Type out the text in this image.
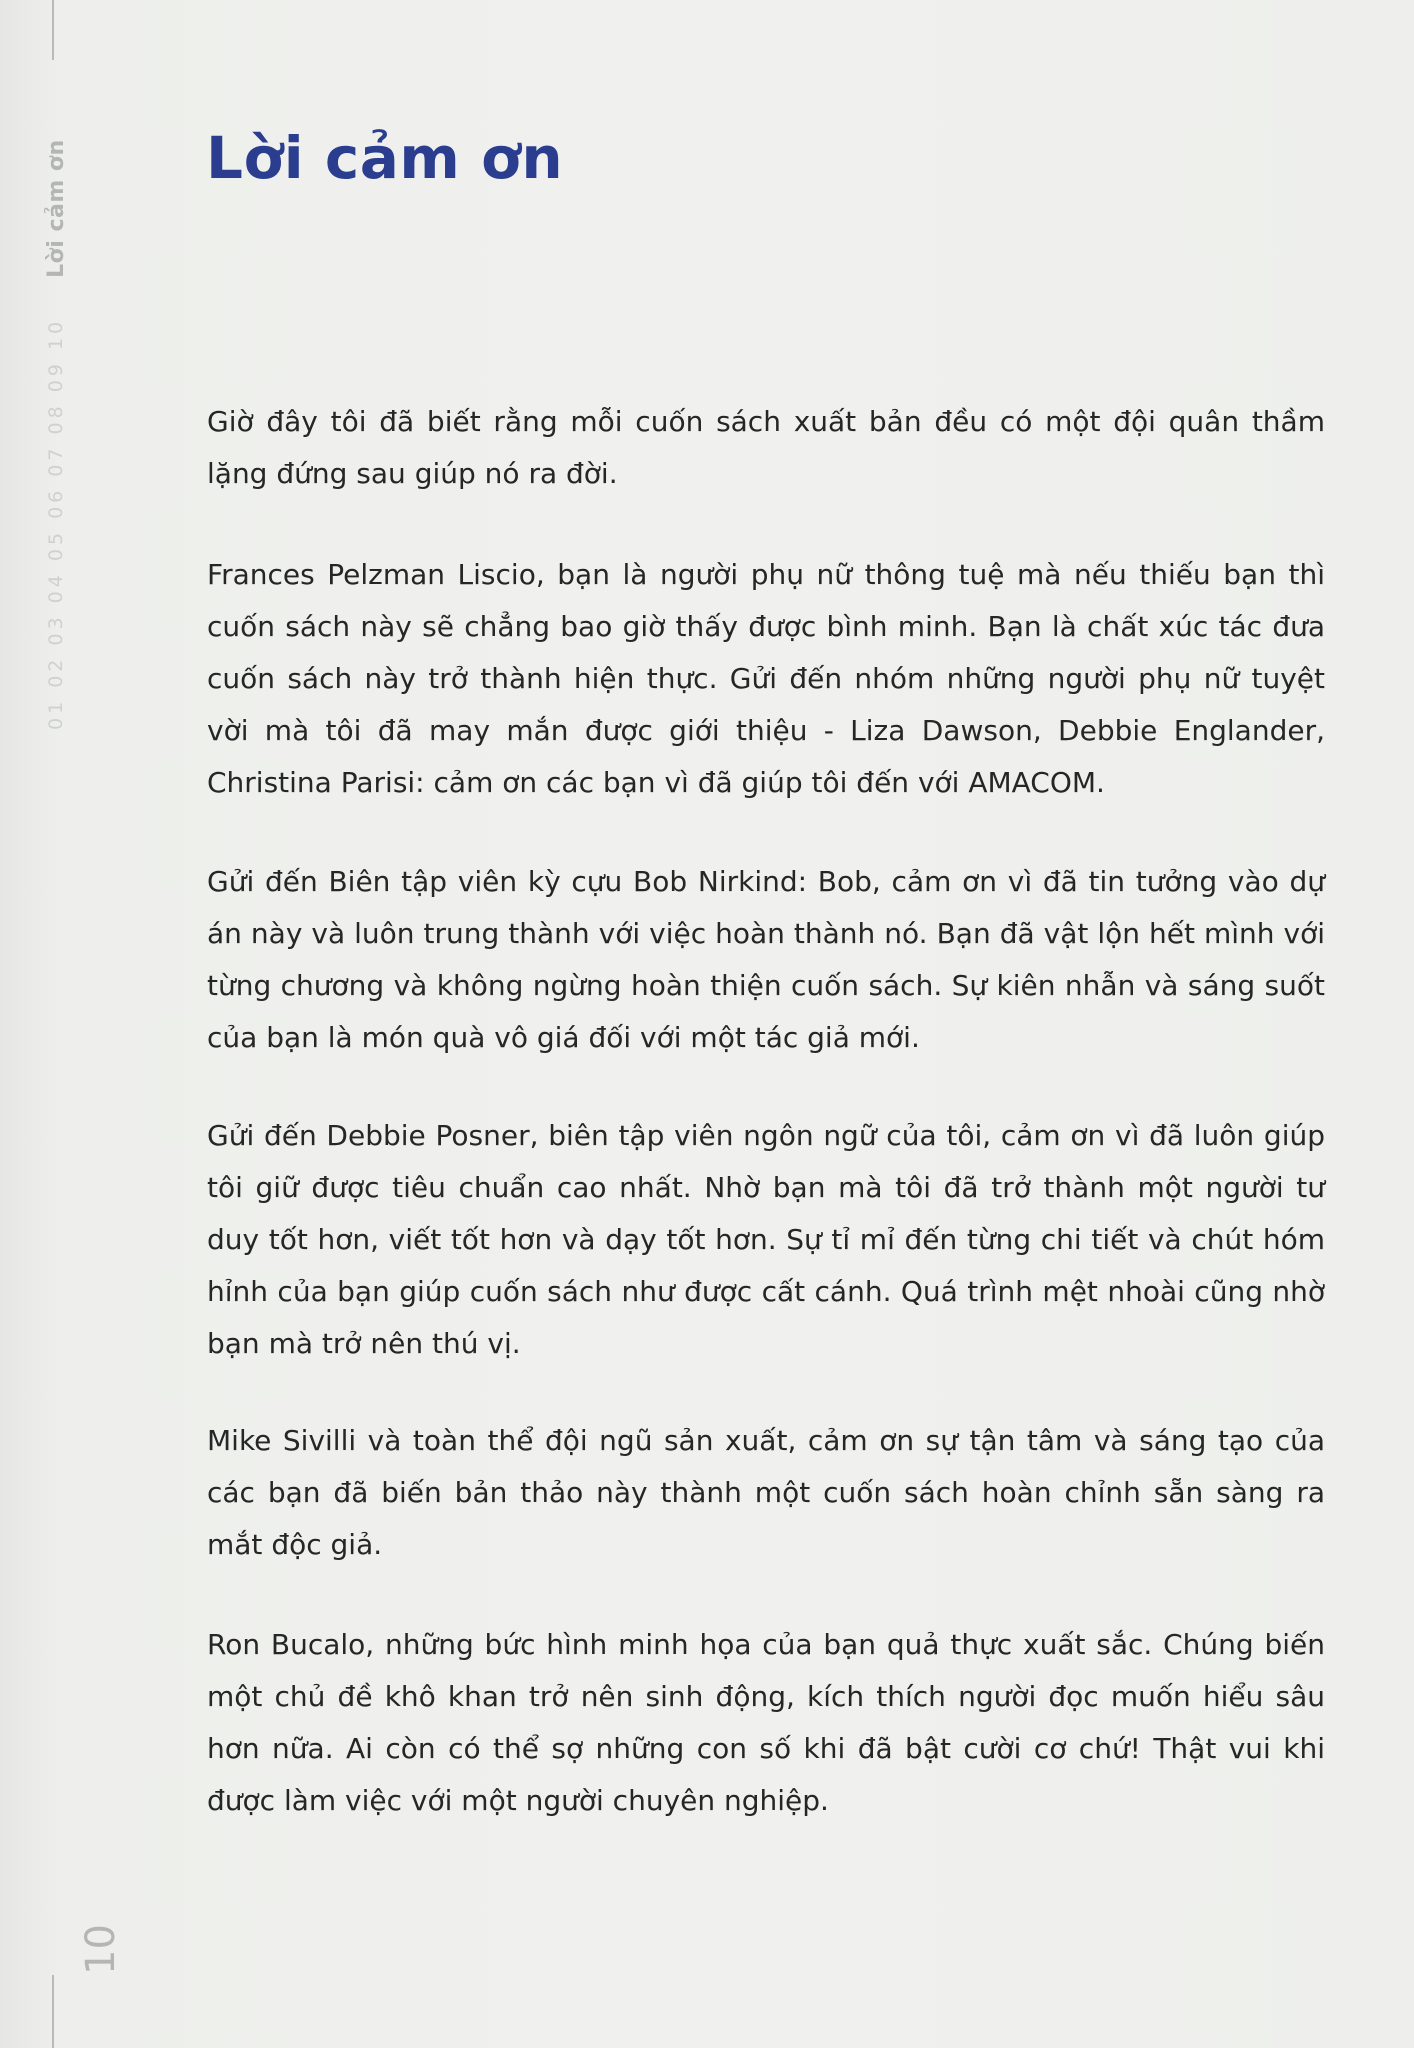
Lời cảm ơn
01 02 03 04 05 06 07 08 09 10
Lời cảm ơn

Giờ đây tôi đã biết rằng mỗi cuốn sách xuất bản đều có một đội quân thầm lặng đứng sau giúp nó ra đời.

Frances Pelzman Liscio, bạn là người phụ nữ thông tuệ mà nếu thiếu bạn thì cuốn sách này sẽ chẳng bao giờ thấy được bình minh. Bạn là chất xúc tác đưa cuốn sách này trở thành hiện thực. Gửi đến nhóm những người phụ nữ tuyệt vời mà tôi đã may mắn được giới thiệu - Liza Dawson, Debbie Englander, Christina Parisi: cảm ơn các bạn vì đã giúp tôi đến với AMACOM.

Gửi đến Biên tập viên kỳ cựu Bob Nirkind: Bob, cảm ơn vì đã tin tưởng vào dự án này và luôn trung thành với việc hoàn thành nó. Bạn đã vật lộn hết mình với từng chương và không ngừng hoàn thiện cuốn sách. Sự kiên nhẫn và sáng suốt của bạn là món quà vô giá đối với một tác giả mới.

Gửi đến Debbie Posner, biên tập viên ngôn ngữ của tôi, cảm ơn vì đã luôn giúp tôi giữ được tiêu chuẩn cao nhất. Nhờ bạn mà tôi đã trở thành một người tư duy tốt hơn, viết tốt hơn và dạy tốt hơn. Sự tỉ mỉ đến từng chi tiết và chút hóm hỉnh của bạn giúp cuốn sách như được cất cánh. Quá trình mệt nhoài cũng nhờ bạn mà trở nên thú vị.

Mike Sivilli và toàn thể đội ngũ sản xuất, cảm ơn sự tận tâm và sáng tạo của các bạn đã biến bản thảo này thành một cuốn sách hoàn chỉnh sẵn sàng ra mắt độc giả.

Ron Bucalo, những bức hình minh họa của bạn quả thực xuất sắc. Chúng biến một chủ đề khô khan trở nên sinh động, kích thích người đọc muốn hiểu sâu hơn nữa. Ai còn có thể sợ những con số khi đã bật cười cơ chứ! Thật vui khi được làm việc với một người chuyên nghiệp.

10
